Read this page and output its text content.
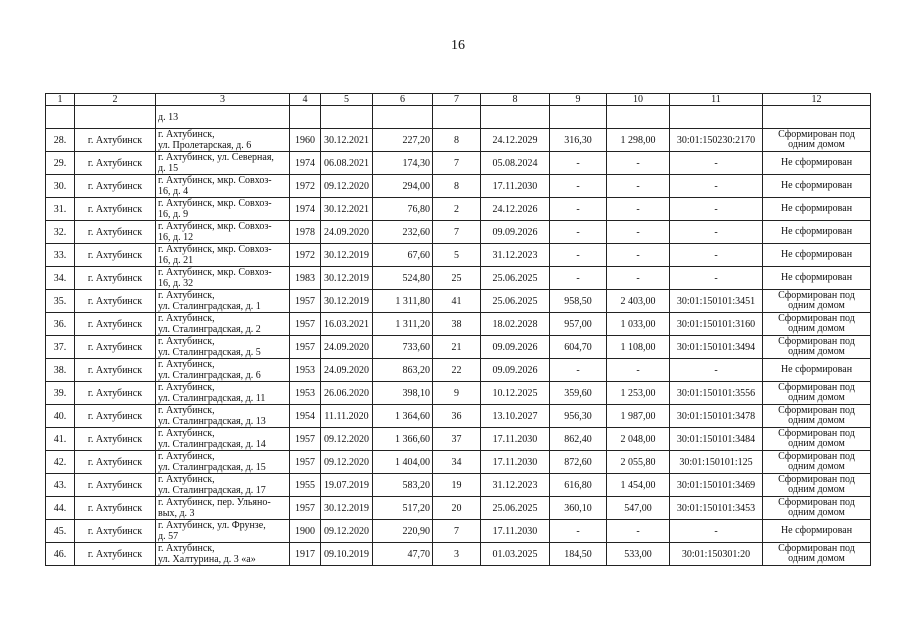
16
1	2	3	4	5	6	7	8	9	10	11	12
		д. 13									
28.	г. Ахтубинск	г. Ахтубинск,
ул. Пролетарская, д. 6	1960	30.12.2021	227,20	8	24.12.2029	316,30	1 298,00	30:01:150230:2170	Сформирован под
одним домом

29.	г. Ахтубинск	г. Ахтубинск, ул. Северная,
д. 15	1974	06.08.2021	174,30	7	05.08.2024	-	-	-	Не сформирован

30.	г. Ахтубинск	г. Ахтубинск, мкр. Совхоз-
16, д. 4	1972	09.12.2020	294,00	8	17.11.2030	-	-	-	Не сформирован

31.	г. Ахтубинск	г. Ахтубинск, мкр. Совхоз-
16, д. 9	1974	30.12.2021	76,80	2	24.12.2026	-	-	-	Не сформирован

32.	г. Ахтубинск	г. Ахтубинск, мкр. Совхоз-
16, д. 12	1978	24.09.2020	232,60	7	09.09.2026	-	-	-	Не сформирован

33.	г. Ахтубинск	г. Ахтубинск, мкр. Совхоз-
16, д. 21	1972	30.12.2019	67,60	5	31.12.2023	-	-	-	Не сформирован

34.	г. Ахтубинск	г. Ахтубинск, мкр. Совхоз-
16, д. 32	1983	30.12.2019	524,80	25	25.06.2025	-	-	-	Не сформирован

35.	г. Ахтубинск	г. Ахтубинск,
ул. Сталинградская, д. 1	1957	30.12.2019	1 311,80	41	25.06.2025	958,50	2 403,00	30:01:150101:3451	Сформирован под
одним домом

36.	г. Ахтубинск	г. Ахтубинск,
ул. Сталинградская, д. 2	1957	16.03.2021	1 311,20	38	18.02.2028	957,00	1 033,00	30:01:150101:3160	Сформирован под
одним домом

37.	г. Ахтубинск	г. Ахтубинск,
ул. Сталинградская, д. 5	1957	24.09.2020	733,60	21	09.09.2026	604,70	1 108,00	30:01:150101:3494	Сформирован под
одним домом

38.	г. Ахтубинск	г. Ахтубинск,
ул. Сталинградская, д. 6	1953	24.09.2020	863,20	22	09.09.2026	-	-	-	Не сформирован

39.	г. Ахтубинск	г. Ахтубинск,
ул. Сталинградская, д. 11	1953	26.06.2020	398,10	9	10.12.2025	359,60	1 253,00	30:01:150101:3556	Сформирован под
одним домом

40.	г. Ахтубинск	г. Ахтубинск,
ул. Сталинградская, д. 13	1954	11.11.2020	1 364,60	36	13.10.2027	956,30	1 987,00	30:01:150101:3478	Сформирован под
одним домом

41.	г. Ахтубинск	г. Ахтубинск,
ул. Сталинградская, д. 14	1957	09.12.2020	1 366,60	37	17.11.2030	862,40	2 048,00	30:01:150101:3484	Сформирован под
одним домом

42.	г. Ахтубинск	г. Ахтубинск,
ул. Сталинградская, д. 15	1957	09.12.2020	1 404,00	34	17.11.2030	872,60	2 055,80	30:01:150101:125	Сформирован под
одним домом

43.	г. Ахтубинск	г. Ахтубинск,
ул. Сталинградская, д. 17	1955	19.07.2019	583,20	19	31.12.2023	616,80	1 454,00	30:01:150101:3469	Сформирован под
одним домом

44.	г. Ахтубинск	г. Ахтубинск, пер. Ульяно-
вых, д. 3	1957	30.12.2019	517,20	20	25.06.2025	360,10	547,00	30:01:150101:3453	Сформирован под
одним домом

45.	г. Ахтубинск	г. Ахтубинск, ул. Фрунзе,
д. 57	1900	09.12.2020	220,90	7	17.11.2030	-	-	-	Не сформирован

46.	г. Ахтубинск	г. Ахтубинск,
ул. Халтурина, д. 3 «а»	1917	09.10.2019	47,70	3	01.03.2025	184,50	533,00	30:01:150301:20	Сформирован под
одним домом
